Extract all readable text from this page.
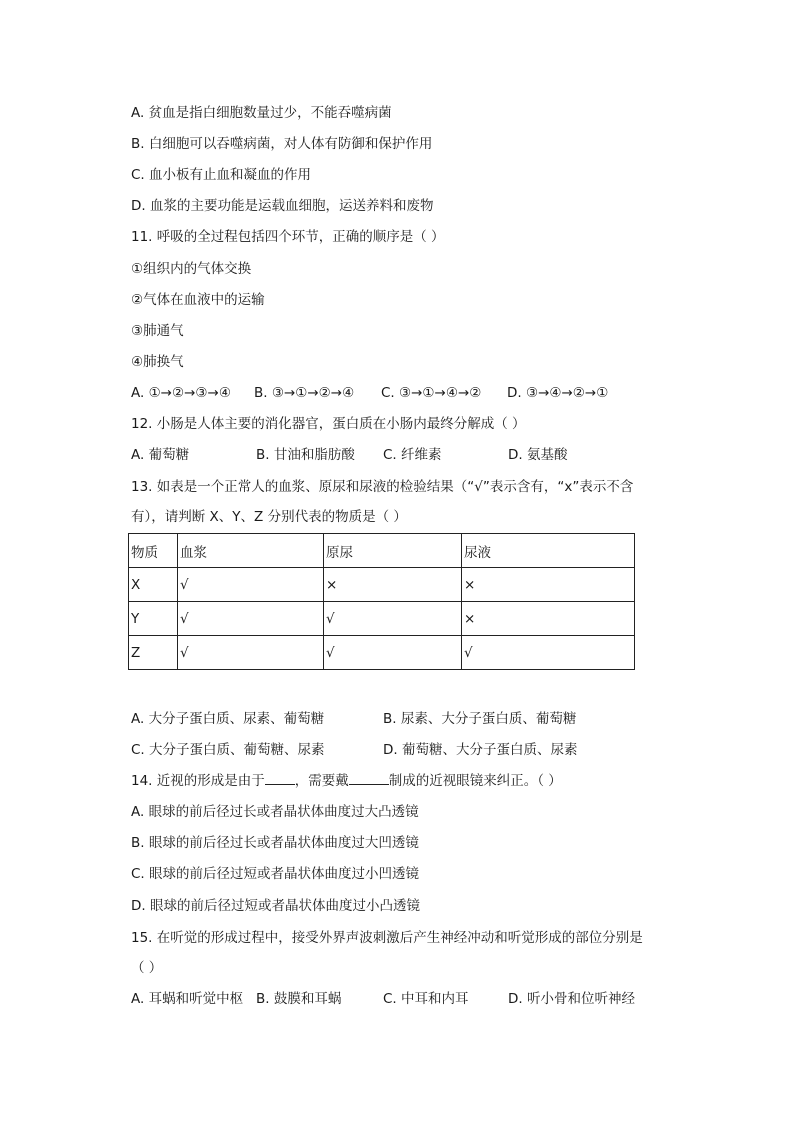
A. 贫血是指白细胞数量过少，不能吞噬病菌
B. 白细胞可以吞噬病菌，对人体有防御和保护作用
C. 血小板有止血和凝血的作用
D. 血浆的主要功能是运载血细胞，运送养料和废物
11. 呼吸的全过程包括四个环节，正确的顺序是（ ）
①组织内的气体交换
②气体在血液中的运输
③肺通气
④肺换气
A. ①→②→③→④ B. ③→①→②→④ C. ③→①→④→② D. ③→④→②→①
12. 小肠是人体主要的消化器官，蛋白质在小肠内最终分解成（ ）
A. 葡萄糖	B. 甘油和脂肪酸 C. 纤维素	D. 氨基酸
13. 如表是一个正常人的血浆、原尿和尿液的检验结果（“√”表示含有，“x”表示不含
有），请判断 X、Y、Z 分别代表的物质是（ ）
物质	血浆	原尿	尿液
X	√	×	×
Y	√	√	×
Z	√	√	√
A. 大分子蛋白质、尿素、葡萄糖	B. 尿素、大分子蛋白质、葡萄糖
C. 大分子蛋白质、葡萄糖、尿素	D. 葡萄糖、大分子蛋白质、尿素
14. 近视的形成是由于 ，需要戴	制成的近视眼镜来纠正。（ ）
A. 眼球的前后径过长或者晶状体曲度过大凸透镜
B. 眼球的前后径过长或者晶状体曲度过大凹透镜
C. 眼球的前后径过短或者晶状体曲度过小凹透镜
D. 眼球的前后径过短或者晶状体曲度过小凸透镜
15. 在听觉的形成过程中，接受外界声波刺激后产生神经冲动和听觉形成的部位分别是
（ ）
A. 耳蜗和听觉中枢 B. 鼓膜和耳蜗	C. 中耳和内耳	D. 听小骨和位听神经
